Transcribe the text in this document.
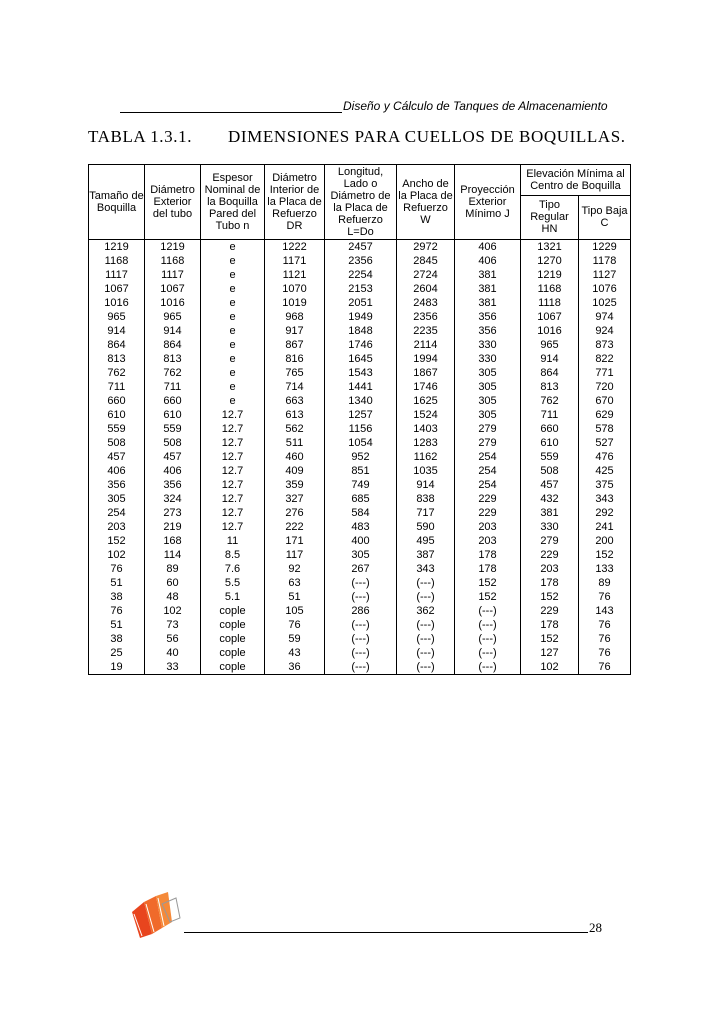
Diseño y Cálculo de Tanques de Almacenamiento
TABLA 1.3.1. DIMENSIONES PARA CUELLOS DE BOQUILLAS.
Tamaño de Boquilla	Diámetro Exterior del tubo	Espesor Nominal de la Boquilla Pared del Tubo n	Diámetro Interior de la Placa de Refuerzo DR	Longitud, Lado o Diámetro de la Placa de Refuerzo L=Do	Ancho de la Placa de Refuerzo W	Proyección Exterior Mínimo J	Elevación Mínima al Centro de Boquilla	
							Tipo Regular HN	Tipo Baja C
1219	1219	e	1222	2457	2972	406	1321	1229
1168	1168	e	1171	2356	2845	406	1270	1178
1117	1117	e	1121	2254	2724	381	1219	1127
1067	1067	e	1070	2153	2604	381	1168	1076
1016	1016	e	1019	2051	2483	381	1118	1025
965	965	e	968	1949	2356	356	1067	974
914	914	e	917	1848	2235	356	1016	924
864	864	e	867	1746	2114	330	965	873
813	813	e	816	1645	1994	330	914	822
762	762	e	765	1543	1867	305	864	771
711	711	e	714	1441	1746	305	813	720
660	660	e	663	1340	1625	305	762	670
610	610	12.7	613	1257	1524	305	711	629
559	559	12.7	562	1156	1403	279	660	578
508	508	12.7	511	1054	1283	279	610	527
457	457	12.7	460	952	1162	254	559	476
406	406	12.7	409	851	1035	254	508	425
356	356	12.7	359	749	914	254	457	375
305	324	12.7	327	685	838	229	432	343
254	273	12.7	276	584	717	229	381	292
203	219	12.7	222	483	590	203	330	241
152	168	11	171	400	495	203	279	200
102	114	8.5	117	305	387	178	229	152
76	89	7.6	92	267	343	178	203	133
51	60	5.5	63	(---)	(---)	152	178	89
38	48	5.1	51	(---)	(---)	152	152	76
76	102	cople	105	286	362	(---)	229	143
51	73	cople	76	(---)	(---)	(---)	178	76
38	56	cople	59	(---)	(---)	(---)	152	76
25	40	cople	43	(---)	(---)	(---)	127	76
19	33	cople	36	(---)	(---)	(---)	102	76
28
